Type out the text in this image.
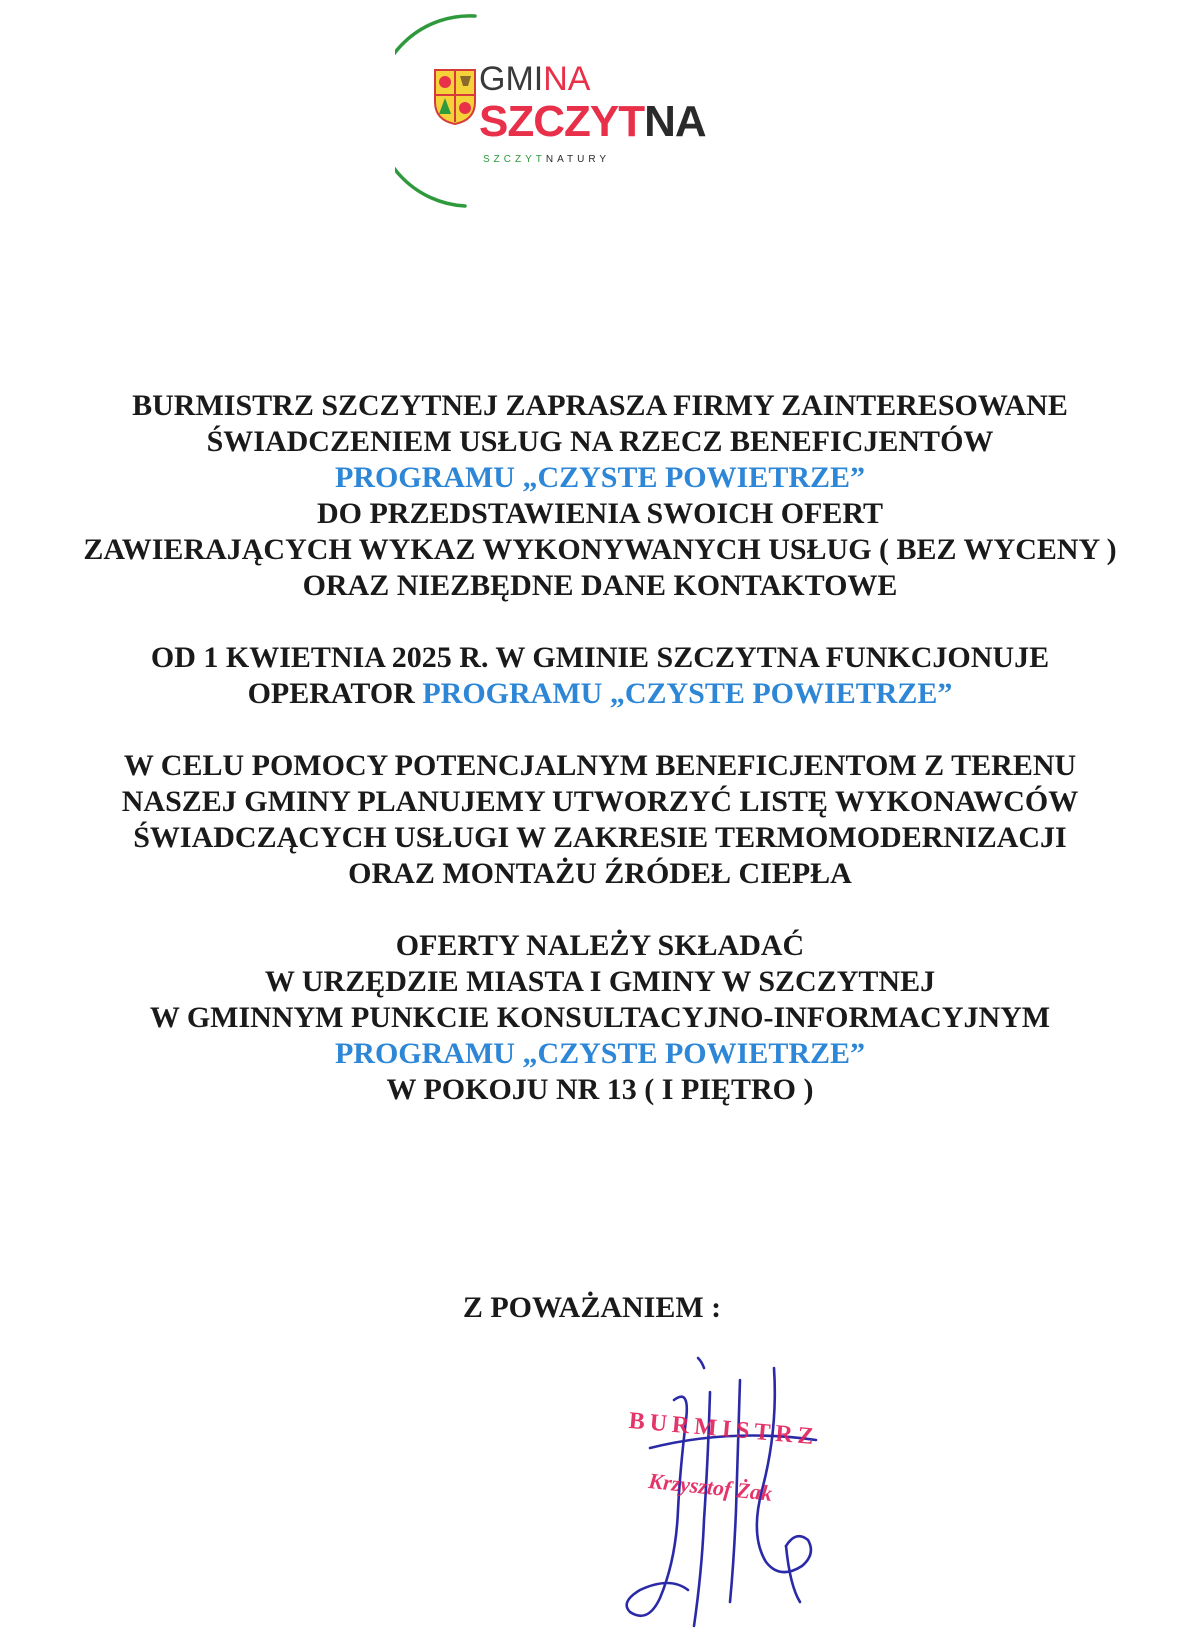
GMINA
SZCZYTNA
SZCZYTNATURY
BURMISTRZ SZCZYTNEJ ZAPRASZA FIRMY ZAINTERESOWANE
ŚWIADCZENIEM USŁUG NA RZECZ BENEFICJENTÓW
PROGRAMU „CZYSTE POWIETRZE”
DO PRZEDSTAWIENIA SWOICH OFERT
ZAWIERAJĄCYCH WYKAZ WYKONYWANYCH USŁUG ( BEZ WYCENY )
ORAZ NIEZBĘDNE DANE KONTAKTOWE
OD 1 KWIETNIA 2025 R. W GMINIE SZCZYTNA FUNKCJONUJE
OPERATOR PROGRAMU „CZYSTE POWIETRZE”
W CELU POMOCY POTENCJALNYM BENEFICJENTOM Z TERENU
NASZEJ GMINY PLANUJEMY UTWORZYĆ LISTĘ WYKONAWCÓW
ŚWIADCZĄCYCH USŁUGI W ZAKRESIE TERMOMODERNIZACJI
ORAZ MONTAŻU ŹRÓDEŁ CIEPŁA
OFERTY NALEŻY SKŁADAĆ
W URZĘDZIE MIASTA I GMINY W SZCZYTNEJ
W GMINNYM PUNKCIE KONSULTACYJNO-INFORMACYJNYM
PROGRAMU „CZYSTE POWIETRZE”
W POKOJU NR 13 ( I PIĘTRO )
Z POWAŻANIEM :
BURMISTRZ
Krzysztof Żak
